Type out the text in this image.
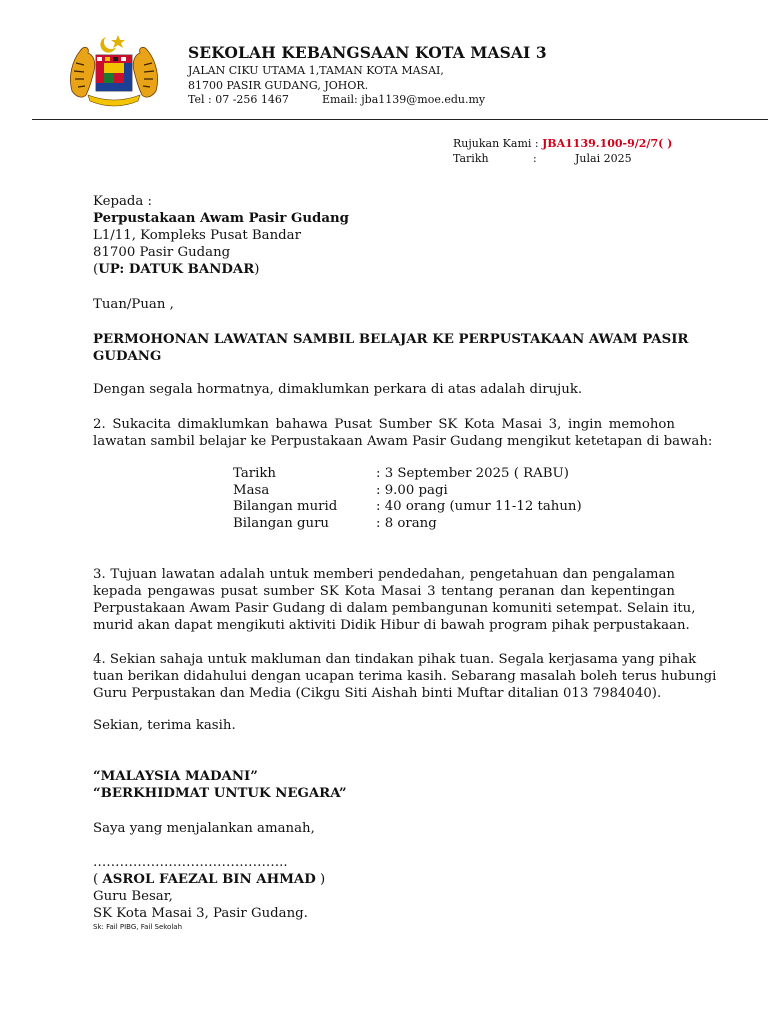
SEKOLAH KEBANGSAAN KOTA MASAI 3
JALAN CIKU UTAMA 1,TAMAN KOTA MASAI,
81700 PASIR GUDANG, JOHOR.
Tel : 07 -256 1467	Email: jba1139@moe.edu.my
Rujukan Kami : JBA1139.100-9/2/7( )
Tarikh	:	Julai 2025
Kepada :
Perpustakaan Awam Pasir Gudang
L1/11, Kompleks Pusat Bandar
81700 Pasir Gudang
(UP: DATUK BANDAR)
Tuan/Puan ,
PERMOHONAN LAWATAN SAMBIL BELAJAR KE PERPUSTAKAAN AWAM PASIR
GUDANG
Dengan segala hormatnya, dimaklumkan perkara di atas adalah dirujuk.
2. Sukacita dimaklumkan bahawa Pusat Sumber SK Kota Masai 3, ingin memohon
lawatan sambil belajar ke Perpustakaan Awam Pasir Gudang mengikut ketetapan di bawah:
Tarikh	: 3 September 2025 ( RABU)
Masa	: 9.00 pagi
Bilangan murid	: 40 orang (umur 11-12 tahun)
Bilangan guru	: 8 orang
3. Tujuan lawatan adalah untuk memberi pendedahan, pengetahuan dan pengalaman
kepada pengawas pusat sumber SK Kota Masai 3 tentang peranan dan kepentingan
Perpustakaan Awam Pasir Gudang di dalam pembangunan komuniti setempat. Selain itu,
murid akan dapat mengikuti aktiviti Didik Hibur di bawah program pihak perpustakaan.
4. Sekian sahaja untuk makluman dan tindakan pihak tuan. Segala kerjasama yang pihak
tuan berikan didahului dengan ucapan terima kasih. Sebarang masalah boleh terus hubungi
Guru Perpustakan dan Media (Cikgu Siti Aishah binti Muftar ditalian 013 7984040).
Sekian, terima kasih.
“MALAYSIA MADANI”
“BERKHIDMAT UNTUK NEGARA”
Saya yang menjalankan amanah,
……………………………………..
( ASROL FAEZAL BIN AHMAD )
Guru Besar,
SK Kota Masai 3, Pasir Gudang.
Sk: Fail PIBG, Fail Sekolah
